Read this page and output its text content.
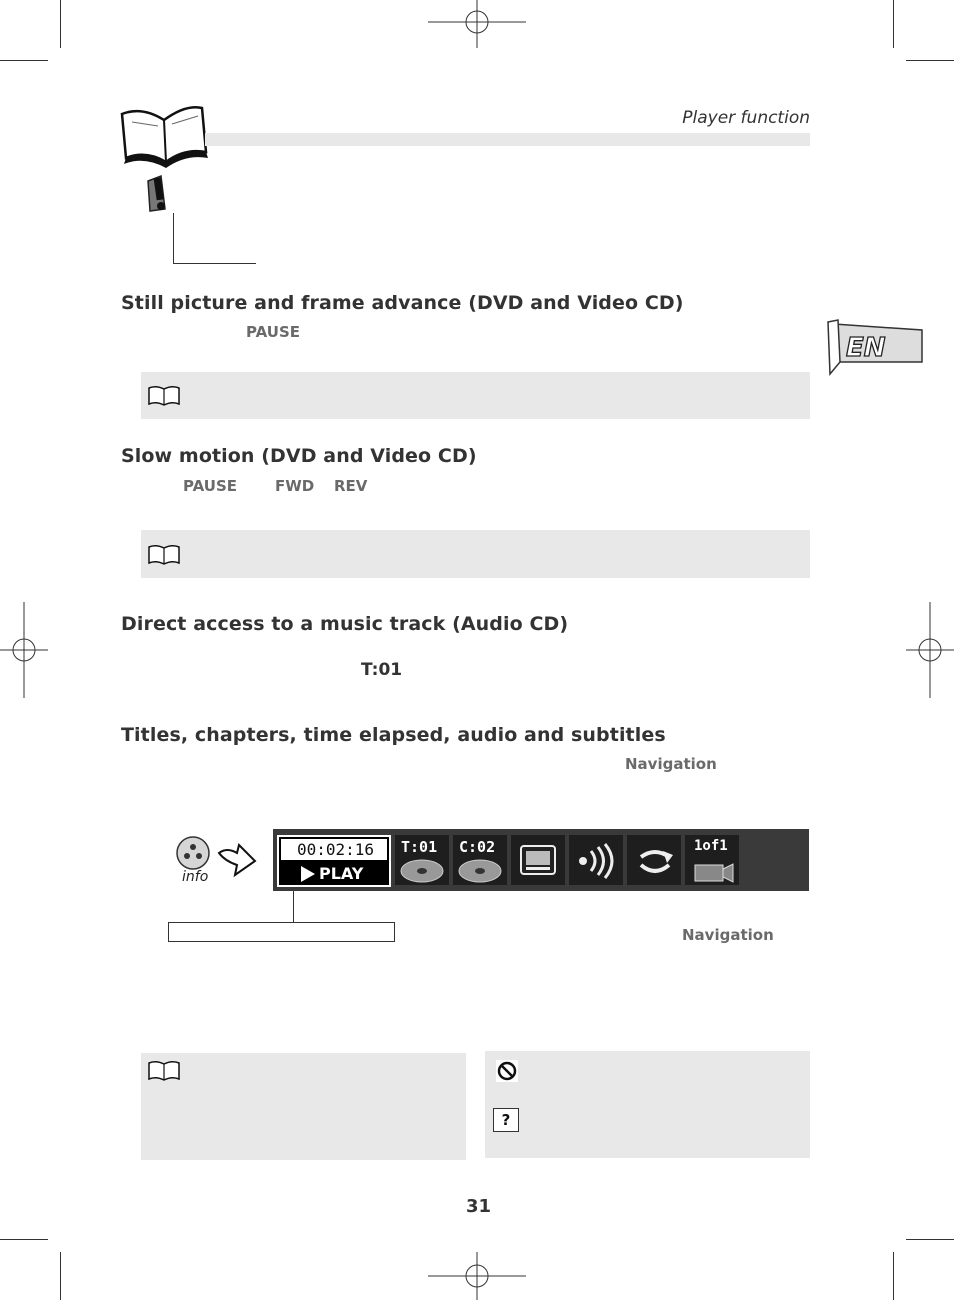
Player function
EN
Still picture and frame advance (DVD and Video CD)
PAUSE
Slow motion (DVD and Video CD)
PAUSE	FWD REV
Direct access to a music track (Audio CD)
T:01
Titles, chapters, time elapsed, audio and subtitles
Navigation
info
00:02:16
PLAY
T:01 C:02	1of1
Navigation
?
31
